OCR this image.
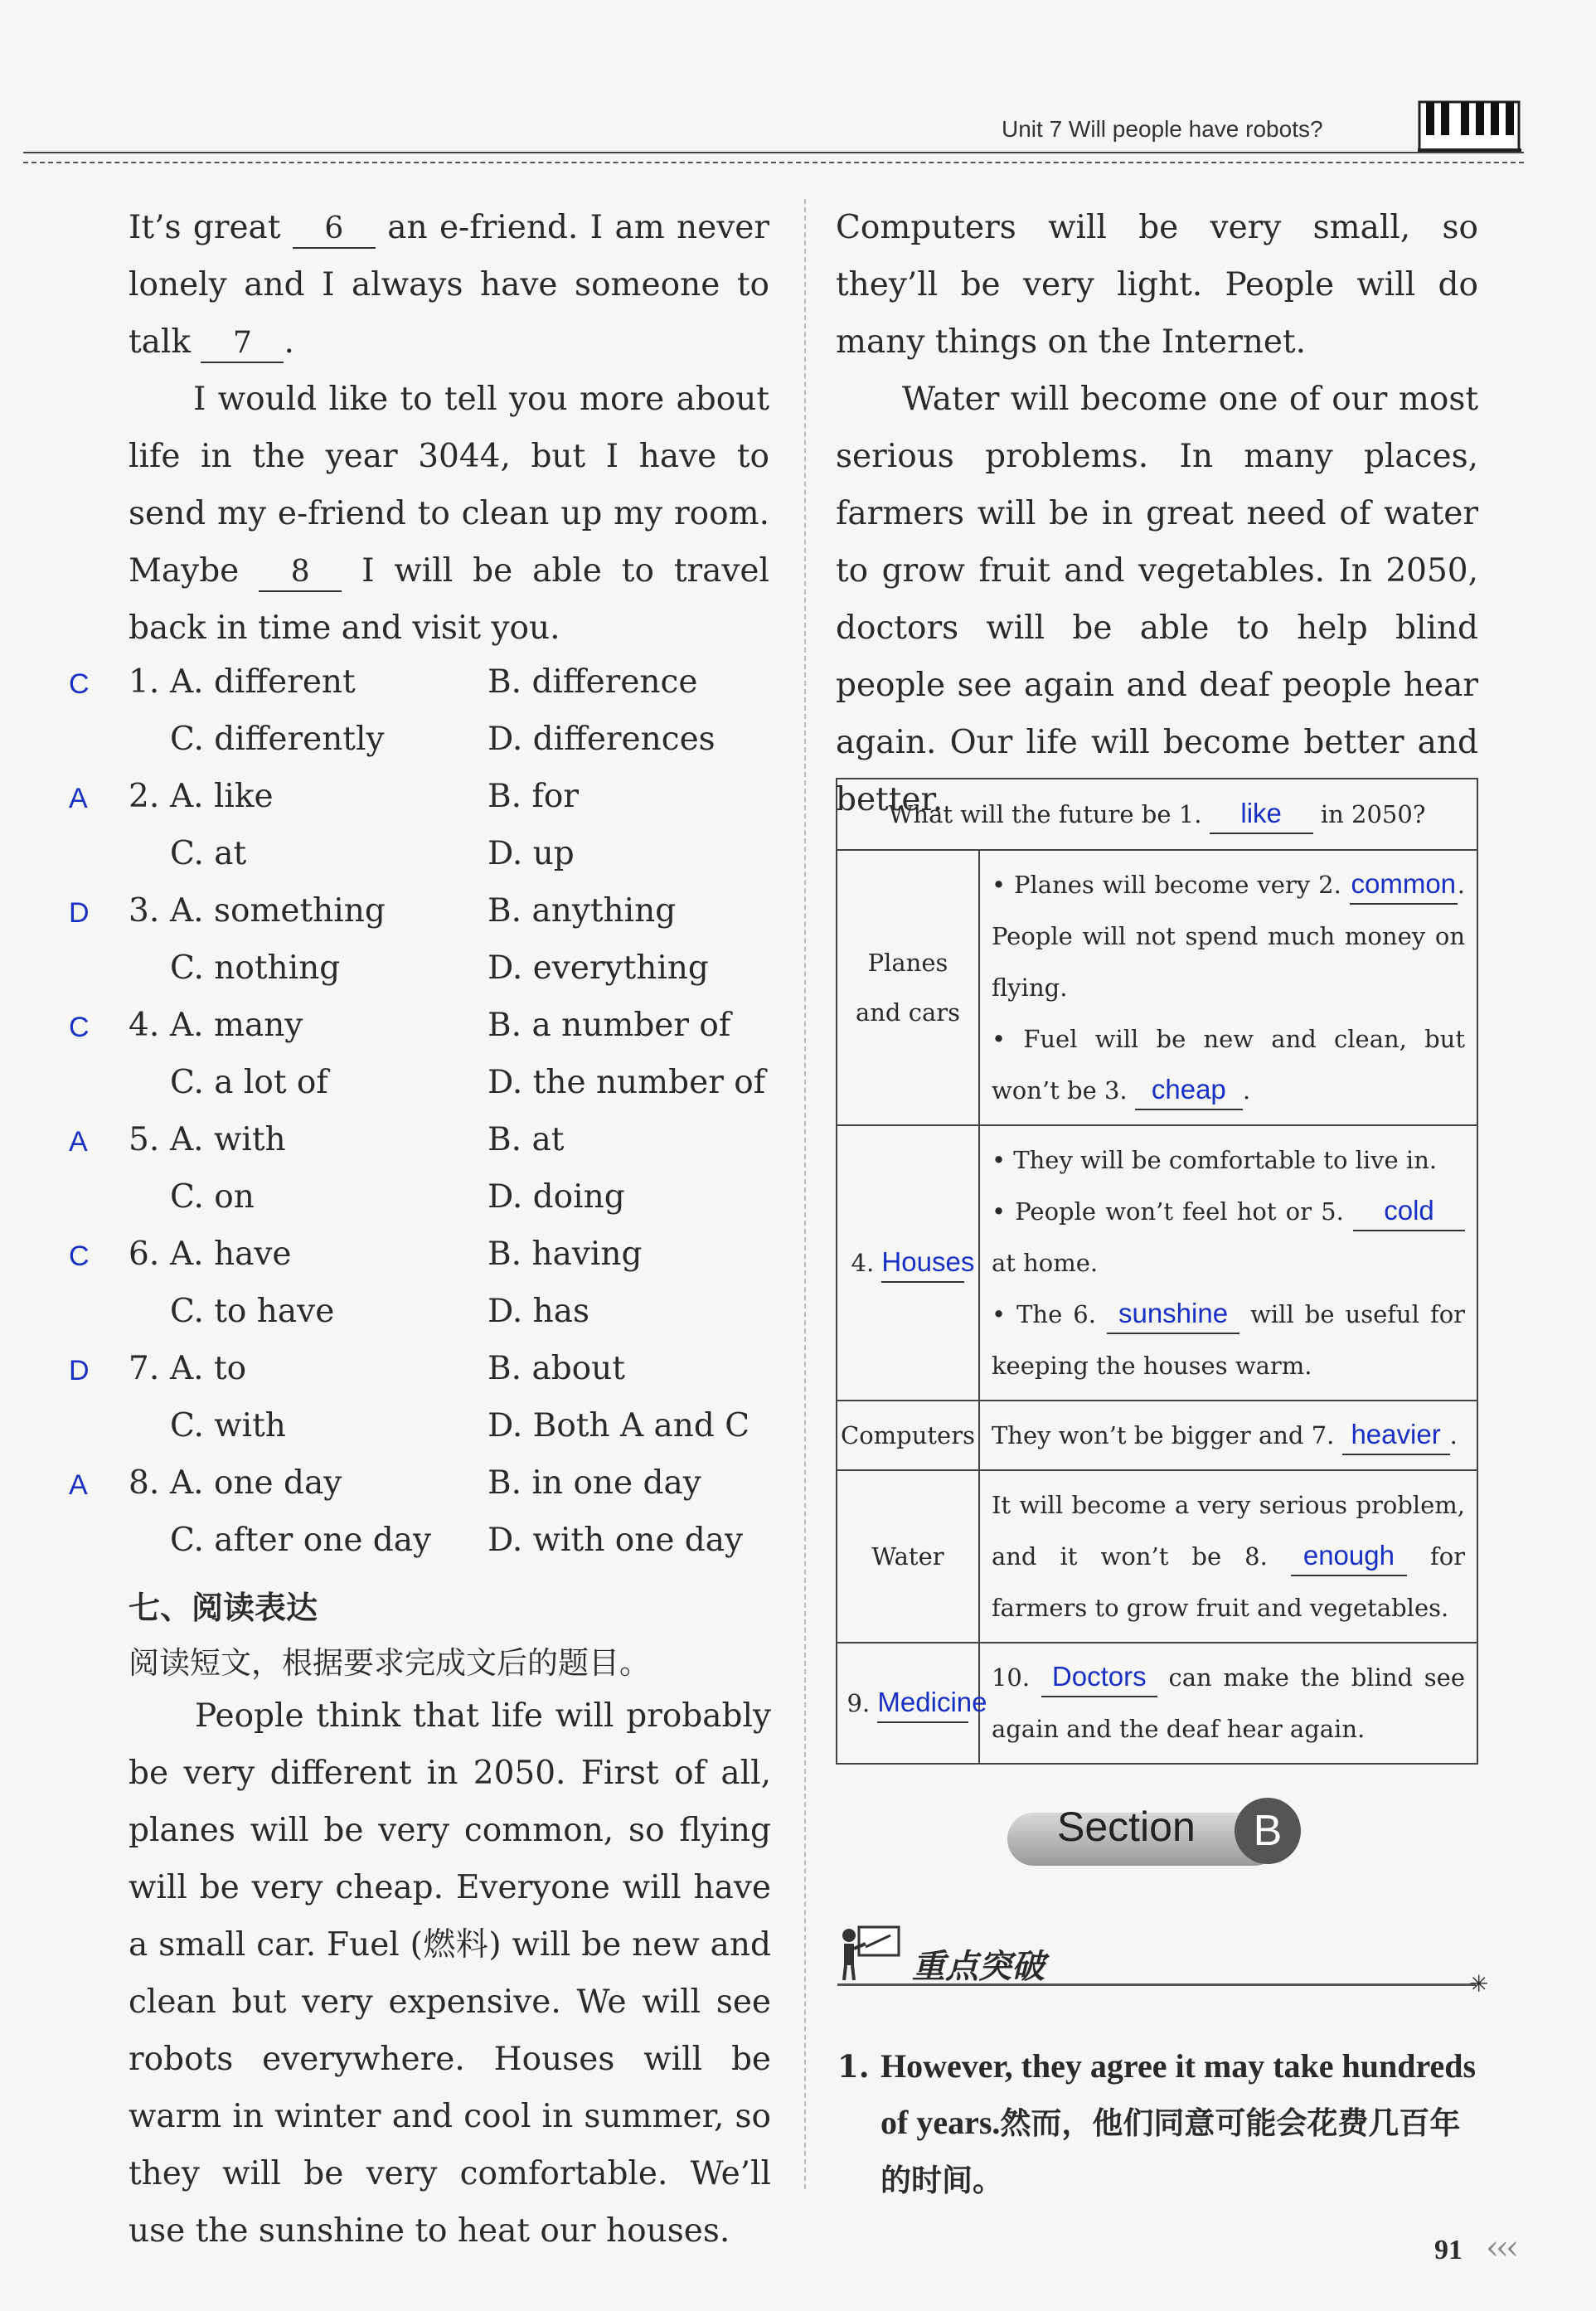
Unit 7 Will people have robots?
It’s great 6 an e-friend. I am never lonely and I always have someone to talk 7 .
I would like to tell you more about life in the year 3044, but I have to send my e-friend to clean up my room. Maybe 8 I will be able to travel back in time and visit you.
C 1. A. different	B. difference
C. differently	D. differences
A 2. A. like	B. for
C. at	D. up
D 3. A. something	B. anything
C. nothing	D. everything
C 4. A. many	B. a number of
C. a lot of	D. the number of
A 5. A. with	B. at
C. on	D. doing
C 6. A. have	B. having
C. to have	D. has
D 7. A. to	B. about
C. with	D. Both A and C
A 8. A. one day	B. in one day
C. after one day D. with one day
七、阅读表达
阅读短文，根据要求完成文后的题目。
People think that life will probably be very different in 2050. First of all, planes will be very common, so flying will be very cheap. Everyone will have a small car. Fuel (燃料) will be new and clean but very expensive. We will see robots everywhere. Houses will be warm in winter and cool in summer, so they will be very comfortable. We’ll use the sunshine to heat our houses.
Computers will be very small, so they’ll be very light. People will do many things on the Internet.
Water will become one of our most serious problems. In many places, farmers will be in great need of water to grow fruit and vegetables. In 2050, doctors will be able to help blind people see again and deaf people hear again. Our life will become better and better.
What will the future be 1. like in 2050?	
Planes and cars	• Planes will become very 2. common. People will not spend much money on flying.
• Fuel will be new and clean, but won’t be 3. cheap .
4. Houses	• They will be comfortable to live in.
• People won’t feel hot or 5. cold at home.
• The 6. sunshine will be useful for keeping the houses warm.
Computers	They won’t be bigger and 7. heavier .
Water	It will become a very serious problem, and it won’t be 8. enough for farmers to grow fruit and vegetables.
9. Medicine	10. Doctors can make the blind see again and the deaf hear again.
Section	B
重点突破	✳
1. However, they agree it may take hundreds of years.然而，他们同意可能会花费几百年的时间。
91 ‹‹‹
